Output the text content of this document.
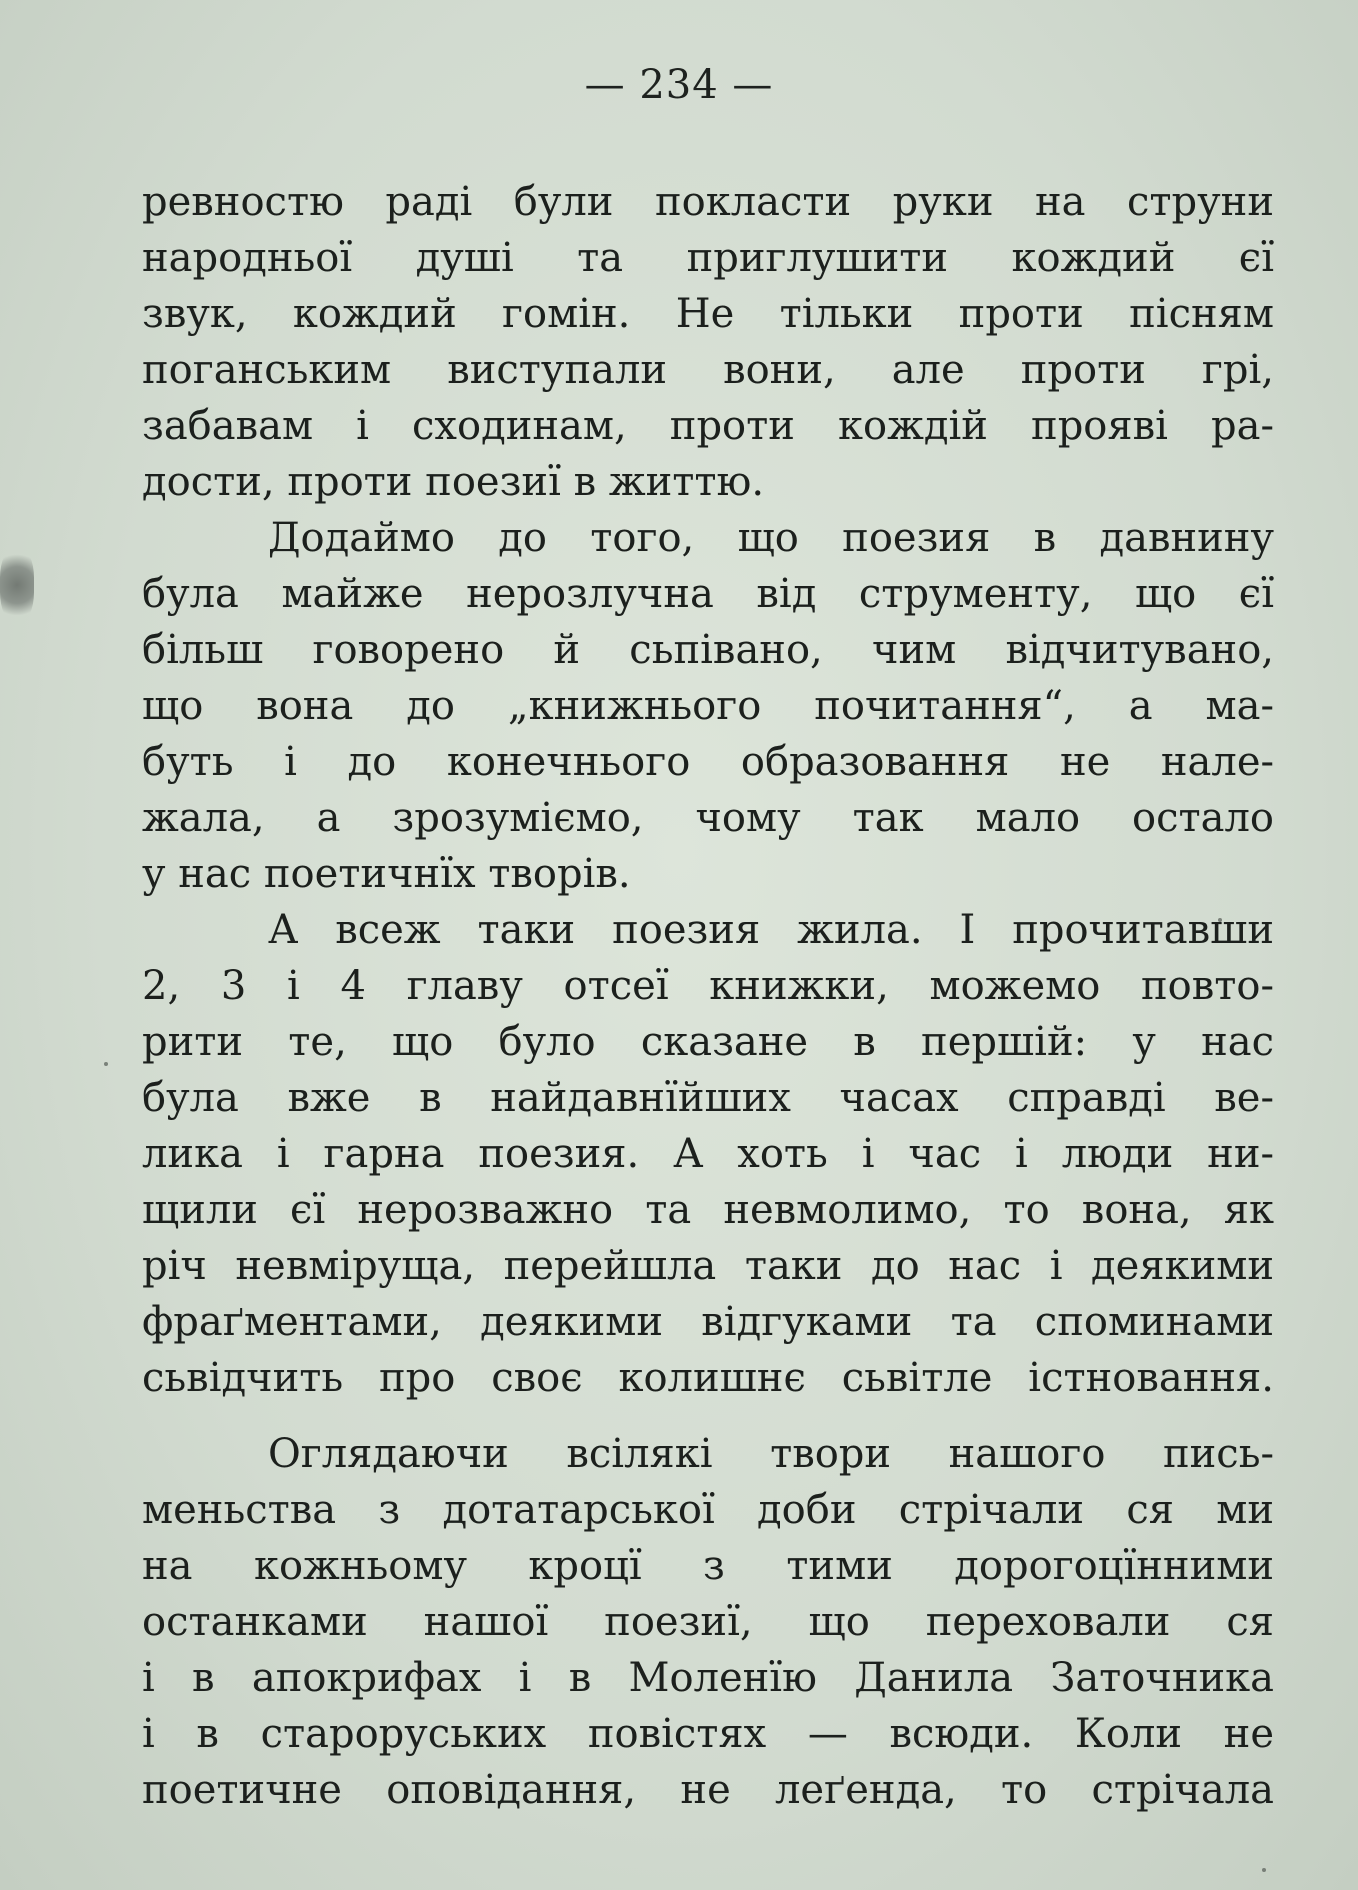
— 234 —
ревностю раді були покласти руки на струни
народньої душі та приглушити кождий єї
звук, кождий гомін. Не тільки проти пісням
поганським виступали вони, але проти грі,
забавам і сходинам, проти кождій прояві ра-
дости, проти поезиї в життю.
Додаймо до того, що поезия в давнину
була майже нерозлучна від струменту, що єї
більш говорено й сьпівано, чим відчитувано,
що вона до „книжнього почитання“, а ма-
буть і до конечнього образовання не нале-
жала, а зрозуміємо, чому так мало остало
у нас поетичнїх творів.
А всеж таки поезия жила. І прочитавши
2, 3 і 4 главу отсеї книжки, можемо повто-
рити те, що було сказане в першій: у нас
була вже в найдавнїйших часах справді ве-
лика і гарна поезия. А хоть і час і люди ни-
щили єї нерозважно та невмолимо, то вона, як
річ невміруща, перейшла таки до нас і деякими
фраґментами, деякими відгуками та споминами
сьвідчить про своє колишнє сьвітле істновання.
Оглядаючи всілякі твори нашого пись-
меньства з дотатарської доби стрічали ся ми
на кожньому кроцї з тими дорогоцїнними
останками нашої поезиї, що переховали ся
і в апокрифах і в Моленїю Данила Заточника
і в староруських повістях — всюди. Коли не
поетичне оповідання, не леґенда, то стрічала
